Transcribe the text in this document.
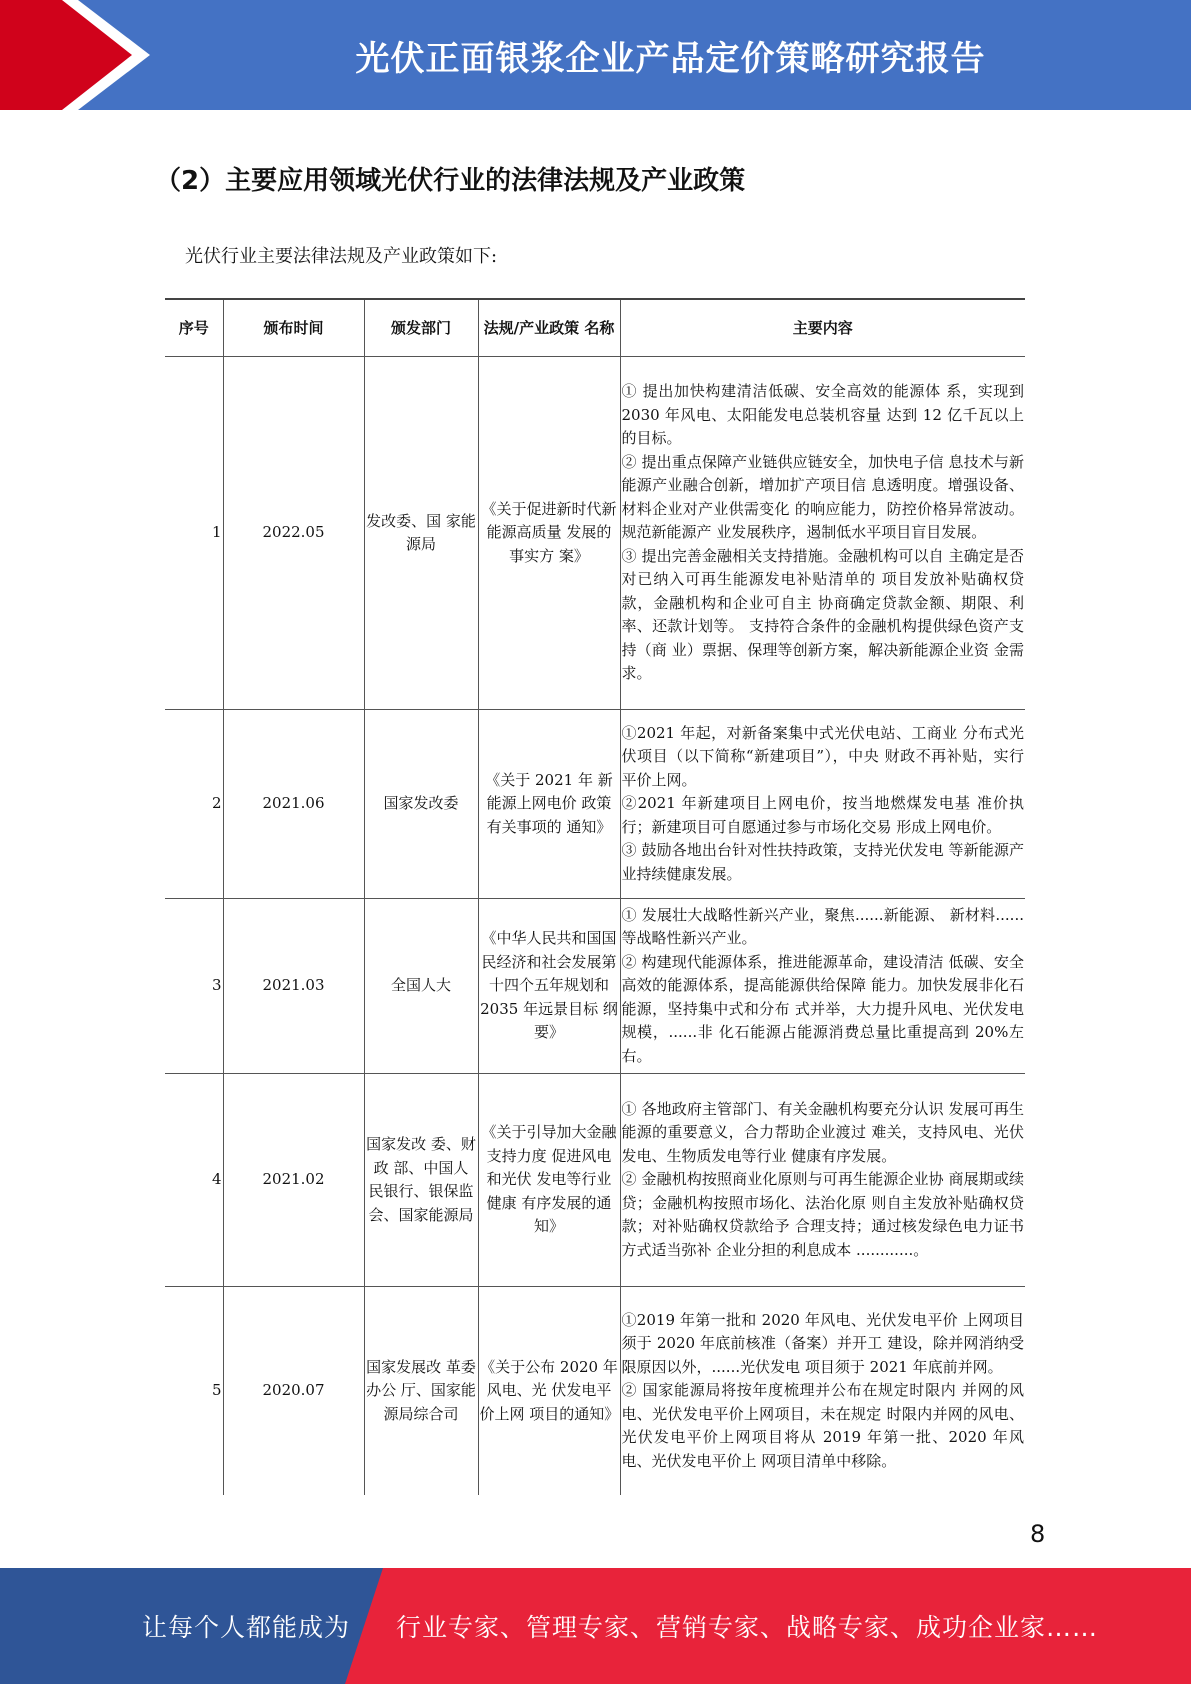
光伏正面银浆企业产品定价策略研究报告
（2）主要应用领域光伏行业的法律法规及产业政策
光伏行业主要法律法规及产业政策如下:
序号	颁布时间	颁发部门	法规/产业政策 名称	主要内容
1	2022.05	发改委、国 家能源局	《关于促进新时代新能源高质量 发展的事实方 案》	① 提出加快构建清洁低碳、安全高效的能源体 系，实现到 2030 年风电、太阳能发电总装机容量 达到 12 亿千瓦以上的目标。

② 提出重点保障产业链供应链安全，加快电子信 息技术与新能源产业融合创新，增加扩产项目信 息透明度。增强设备、材料企业对产业供需变化 的响应能力，防控价格异常波动。规范新能源产 业发展秩序，遏制低水平项目盲目发展。

③ 提出完善金融相关支持措施。金融机构可以自 主确定是否对已纳入可再生能源发电补贴清单的 项目发放补贴确权贷款，金融机构和企业可自主 协商确定贷款金额、期限、利率、还款计划等。 支持符合条件的金融机构提供绿色资产支持（商 业）票据、保理等创新方案，解决新能源企业资 金需求。

2	2021.06	国家发改委	《关于 2021 年 新能源上网电价 政策有关事项的 通知》	①2021 年起，对新备案集中式光伏电站、工商业 分布式光伏项目（以下简称“新建项目”），中央 财政不再补贴，实行平价上网。

②2021 年新建项目上网电价，按当地燃煤发电基 准价执行；新建项目可自愿通过参与市场化交易 形成上网电价。

③ 鼓励各地出台针对性扶持政策，支持光伏发电 等新能源产业持续健康发展。

3	2021.03	全国人大	《中华人民共和国国民经济和社会发展第十四个五年规划和 2035 年远景目标 纲要》	① 发展壮大战略性新兴产业，聚焦......新能源、 新材料......等战略性新兴产业。

② 构建现代能源体系，推进能源革命，建设清洁 低碳、安全高效的能源体系，提高能源供给保障 能力。加快发展非化石能源，坚持集中式和分布 式并举，大力提升风电、光伏发电规模，......非 化石能源占能源消费总量比重提高到 20%左右。

4	2021.02	国家发改 委、财政 部、中国人 民银行、银保监会、国家能源局	《关于引导加大金融支持力度 促进风电和光伏 发电等行业健康 有序发展的通 知》	① 各地政府主管部门、有关金融机构要充分认识 发展可再生能源的重要意义，合力帮助企业渡过 难关，支持风电、光伏发电、生物质发电等行业 健康有序发展。

② 金融机构按照商业化原则与可再生能源企业协 商展期或续贷；金融机构按照市场化、法治化原 则自主发放补贴确权贷款；对补贴确权贷款给予 合理支持；通过核发绿色电力证书方式适当弥补 企业分担的利息成本 ............。

5	2020.07	国家发展改 革委办公 厅、国家能 源局综合司	《关于公布 2020 年风电、光 伏发电平价上网 项目的通知》	①2019 年第一批和 2020 年风电、光伏发电平价 上网项目须于 2020 年底前核准（备案）并开工 建设，除并网消纳受限原因以外，......光伏发电 项目须于 2021 年底前并网。

② 国家能源局将按年度梳理并公布在规定时限内 并网的风电、光伏发电平价上网项目，未在规定 时限内并网的风电、光伏发电平价上网项目将从 2019 年第一批、2020 年风电、光伏发电平价上 网项目清单中移除。

8
让每个人都能成为 行业专家、管理专家、营销专家、战略专家、成功企业家……
